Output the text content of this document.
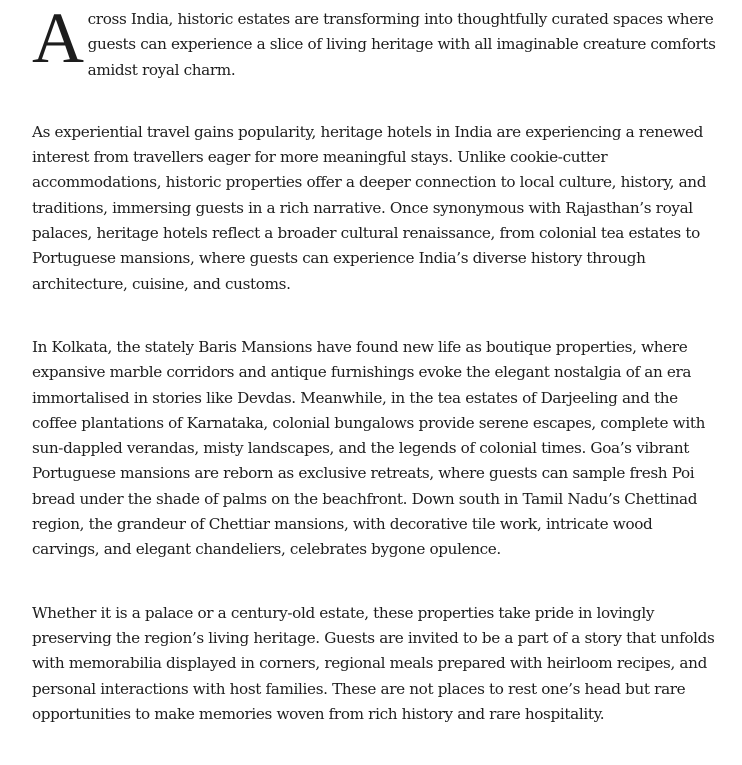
A cross India, historic estates are transforming into thoughtfully curated spaces where guests can experience a slice of living heritage with all imaginable creature comforts amidst royal charm.

As experiential travel gains popularity, heritage hotels in India are experiencing a renewed interest from travellers eager for more meaningful stays. Unlike cookie-cutter accommodations, historic properties offer a deeper connection to local culture, history, and traditions, immersing guests in a rich narrative. Once synonymous with Rajasthan’s royal palaces, heritage hotels reflect a broader cultural renaissance, from colonial tea estates to Portuguese mansions, where guests can experience India’s diverse history through architecture, cuisine, and customs.

In Kolkata, the stately Baris Mansions have found new life as boutique properties, where expansive marble corridors and antique furnishings evoke the elegant nostalgia of an era immortalised in stories like Devdas. Meanwhile, in the tea estates of Darjeeling and the coffee plantations of Karnataka, colonial bungalows provide serene escapes, complete with sun-dappled verandas, misty landscapes, and the legends of colonial times. Goa’s vibrant Portuguese mansions are reborn as exclusive retreats, where guests can sample fresh Poi bread under the shade of palms on the beachfront. Down south in Tamil Nadu’s Chettinad region, the grandeur of Chettiar mansions, with decorative tile work, intricate wood carvings, and elegant chandeliers, celebrates bygone opulence.

Whether it is a palace or a century-old estate, these properties take pride in lovingly preserving the region’s living heritage. Guests are invited to be a part of a story that unfolds with memorabilia displayed in corners, regional meals prepared with heirloom recipes, and personal interactions with host families. These are not places to rest one’s head but rare opportunities to make memories woven from rich history and rare hospitality.
